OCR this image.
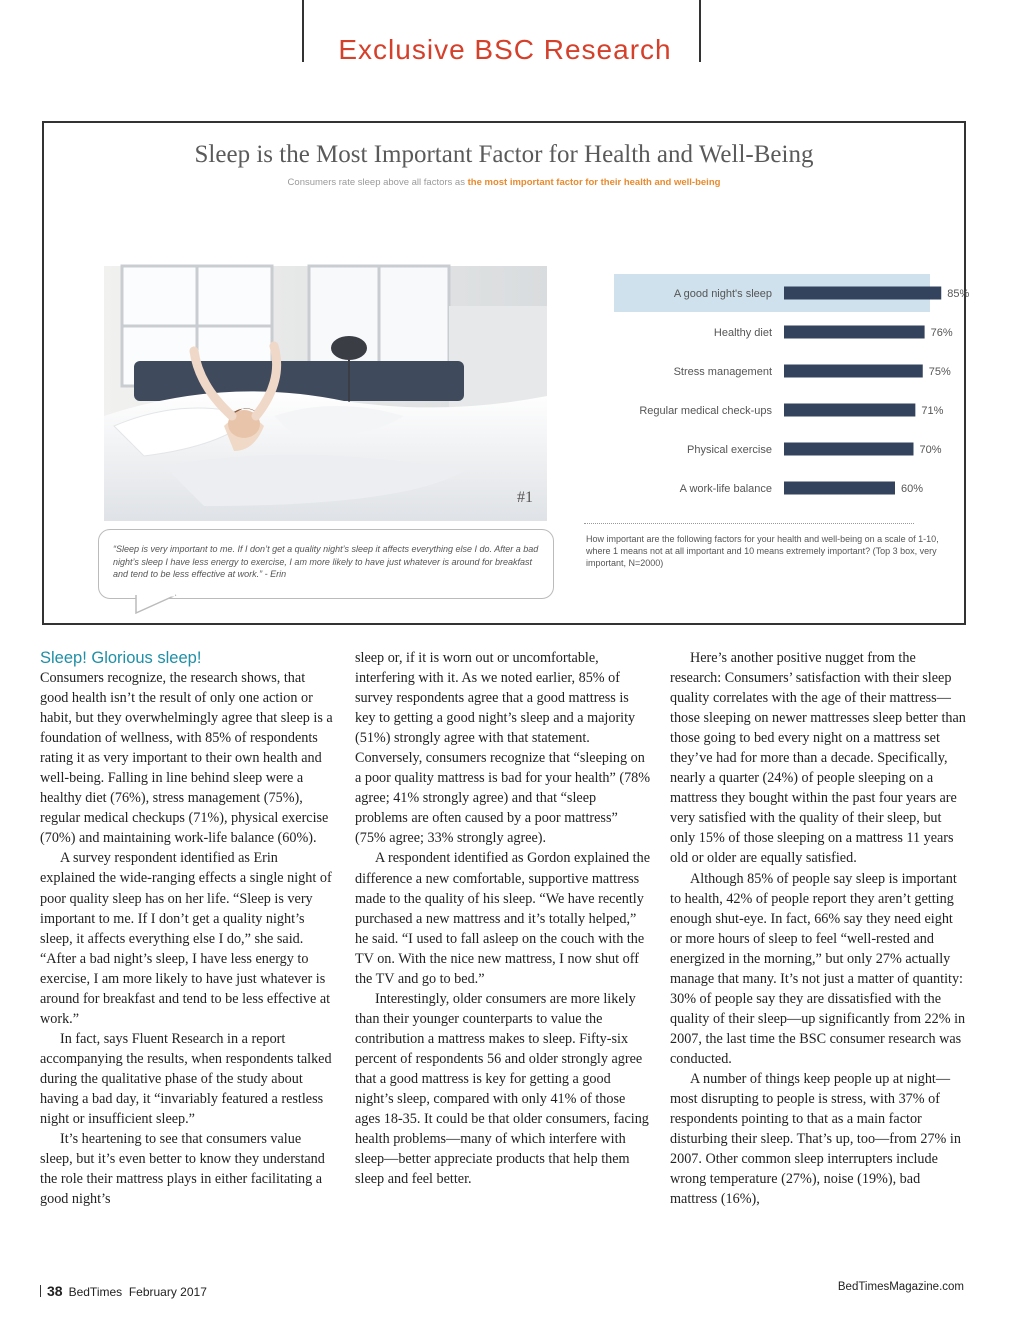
Exclusive BSC Research
Sleep is the Most Important Factor for Health and Well-Being
Consumers rate sleep above all factors as the most important factor for their health and well-being
#1
“Sleep is very important to me. If I don’t get a quality night’s sleep it affects everything else I do. After a bad night’s sleep I have less energy to exercise, I am more likely to have just whatever is around for breakfast and tend to be less effective at work.” - Erin
A good night's sleep	85%
Healthy diet	76%
Stress management	75%
Regular medical check-ups	71%
Physical exercise	70%
A work-life balance	60%
How important are the following factors for your health and well-being on a scale of 1-10, where 1 means not at all important and 10 means extremely important? (Top 3 box, very important, N=2000)
Sleep! Glorious sleep!

Consumers recognize, the research shows, that good health isn’t the result of only one action or habit, but they overwhelmingly agree that sleep is a foundation of wellness, with 85% of respondents rating it as very important to their own health and well-being. Falling in line behind sleep were a healthy diet (76%), stress management (75%), regular medical checkups (71%), physical exercise (70%) and maintaining work-life balance (60%).

A survey respondent identified as Erin explained the wide-ranging effects a single night of poor quality sleep has on her life. “Sleep is very important to me. If I don’t get a quality night’s sleep, it affects everything else I do,” she said. “After a bad night’s sleep, I have less energy to exercise, I am more likely to have just whatever is around for breakfast and tend to be less effective at work.”

In fact, says Fluent Research in a report accompanying the results, when respondents talked during the qualitative phase of the study about having a bad day, it “invariably featured a restless night or insufficient sleep.”

It’s heartening to see that consumers value sleep, but it’s even better to know they understand the role their mattress plays in either facilitating a good night’s

sleep or, if it is worn out or uncomfortable, interfering with it. As we noted earlier, 85% of survey respondents agree that a good mattress is key to getting a good night’s sleep and a majority (51%) strongly agree with that statement. Conversely, consumers recognize that “sleeping on a poor quality mattress is bad for your health” (78% agree; 41% strongly agree) and that “sleep problems are often caused by a poor mattress” (75% agree; 33% strongly agree).

A respondent identified as Gordon explained the difference a new comfortable, supportive mattress made to the quality of his sleep. “We have recently purchased a new mattress and it’s totally helped,” he said. “I used to fall asleep on the couch with the TV on. With the nice new mattress, I now shut off the TV and go to bed.”

Interestingly, older consumers are more likely than their younger counterparts to value the contribution a mattress makes to sleep. Fifty-six percent of respondents 56 and older strongly agree that a good mattress is key for getting a good night’s sleep, compared with only 41% of those ages 18-35. It could be that older consumers, facing health problems—many of which interfere with sleep—better appreciate products that help them sleep and feel better.

Here’s another positive nugget from the research: Consumers’ satisfaction with their sleep quality correlates with the age of their mattress—those sleeping on newer mattresses sleep better than those going to bed every night on a mattress set they’ve had for more than a decade. Specifically, nearly a quarter (24%) of people sleeping on a mattress they bought within the past four years are very satisfied with the quality of their sleep, but only 15% of those sleeping on a mattress 11 years old or older are equally satisfied.

Although 85% of people say sleep is important to health, 42% of people report they aren’t getting enough shut-eye. In fact, 66% say they need eight or more hours of sleep to feel “well-rested and energized in the morning,” but only 27% actually manage that many. It’s not just a matter of quantity: 30% of people say they are dissatisfied with the quality of their sleep—up significantly from 22% in 2007, the last time the BSC consumer research was conducted.

A number of things keep people up at night—most disrupting to people is stress, with 37% of respondents pointing to that as a main factor disturbing their sleep. That’s up, too—from 27% in 2007. Other common sleep interrupters include wrong temperature (27%), noise (19%), bad mattress (16%),

38 BedTimes February 2017	BedTimesMagazine.com
